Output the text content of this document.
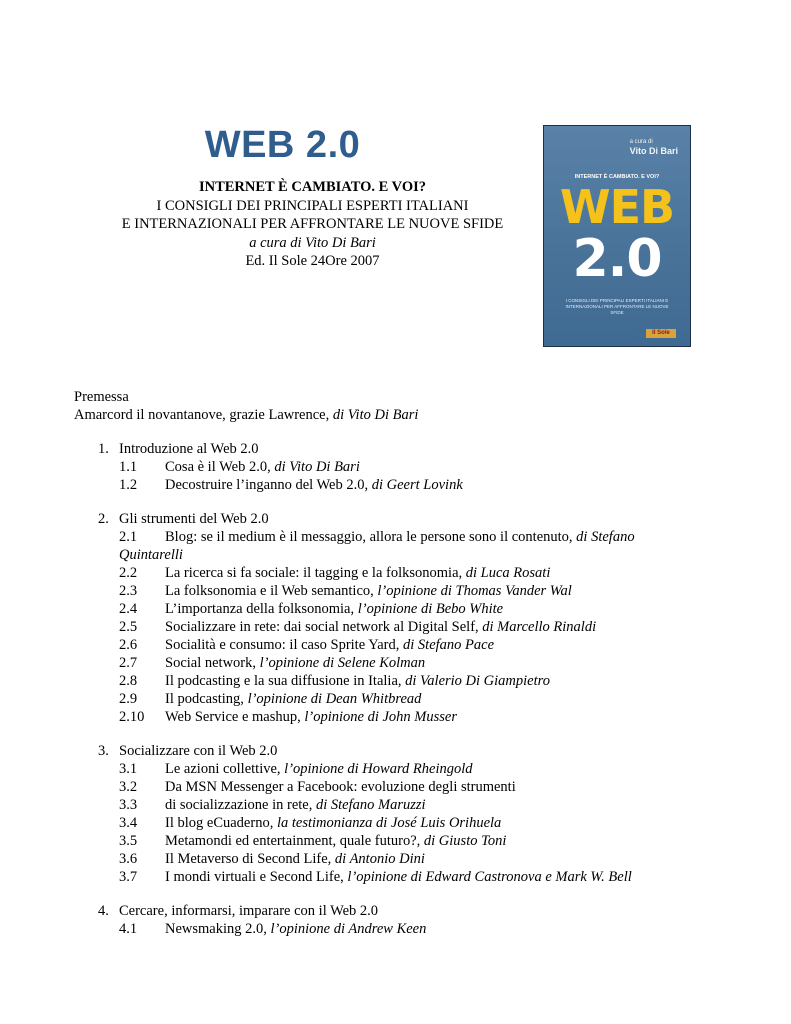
WEB 2.0
INTERNET È CAMBIATO. E VOI?
I CONSIGLI DEI PRINCIPALI ESPERTI ITALIANI
E INTERNAZIONALI PER AFFRONTARE LE NUOVE SFIDE
a cura di Vito Di Bari
Ed. Il Sole 24Ore 2007
a cura di
Vito Di Bari
INTERNET È CAMBIATO. E VOI?
WEB
2.0
I CONSIGLI DEI PRINCIPALI ESPERTI ITALIANI E INTERNAZIONALI PER AFFRONTARE LE NUOVE SFIDE
Il Sole
Premessa
Amarcord il novantanove, grazie Lawrence, di Vito Di Bari
1. Introduzione al Web 2.0
1.1 Cosa è il Web 2.0, di Vito Di Bari
1.2 Decostruire l’inganno del Web 2.0, di Geert Lovink
2. Gli strumenti del Web 2.0
2.1	Blog: se il medium è il messaggio, allora le persone sono il contenuto, di Stefano Quintarelli
2.2 La ricerca si fa sociale: il tagging e la folksonomia, di Luca Rosati
2.3 La folksonomia e il Web semantico, l’opinione di Thomas Vander Wal
2.4 L’importanza della folksonomia, l’opinione di Bebo White
2.5 Socializzare in rete: dai social network al Digital Self, di Marcello Rinaldi
2.6 Socialità e consumo: il caso Sprite Yard, di Stefano Pace
2.7 Social network, l’opinione di Selene Kolman
2.8 Il podcasting e la sua diffusione in Italia, di Valerio Di Giampietro
2.9 Il podcasting, l’opinione di Dean Whitbread
2.10 Web Service e mashup, l’opinione di John Musser
3. Socializzare con il Web 2.0
3.1 Le azioni collettive, l’opinione di Howard Rheingold
3.2 Da MSN Messenger a Facebook: evoluzione degli strumenti
3.3 di socializzazione in rete, di Stefano Maruzzi
3.4 Il blog eCuaderno, la testimonianza di José Luis Orihuela
3.5 Metamondi ed entertainment, quale futuro?, di Giusto Toni
3.6 Il Metaverso di Second Life, di Antonio Dini
3.7 I mondi virtuali e Second Life, l’opinione di Edward Castronova e Mark W. Bell
4. Cercare, informarsi, imparare con il Web 2.0
4.1 Newsmaking 2.0, l’opinione di Andrew Keen
